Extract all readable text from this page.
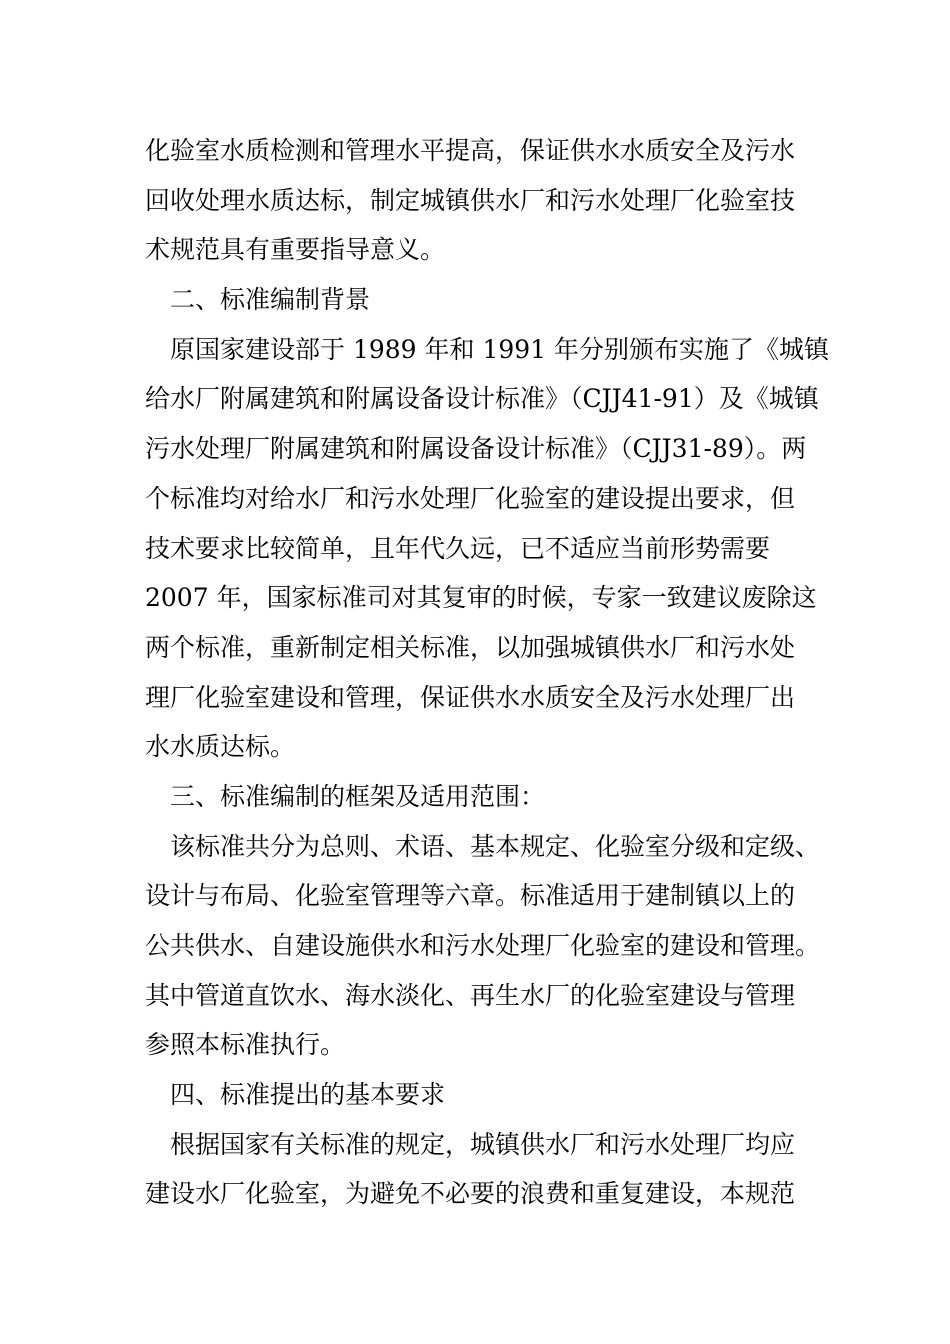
化验室水质检测和管理水平提高，保证供水水质安全及污水
回收处理水质达标，制定城镇供水厂和污水处理厂化验室技
术规范具有重要指导意义。
二、标准编制背景
原国家建设部于 1989 年和 1991 年分别颁布实施了《城镇
给水厂附属建筑和附属设备设计标准》（CJJ41-91）及《城镇
污水处理厂附属建筑和附属设备设计标准》（CJJ31-89）。两
个标准均对给水厂和污水处理厂化验室的建设提出要求，但
技术要求比较简单，且年代久远，已不适应当前形势需要
2007 年，国家标准司对其复审的时候，专家一致建议废除这
两个标准，重新制定相关标准，以加强城镇供水厂和污水处
理厂化验室建设和管理，保证供水水质安全及污水处理厂出
水水质达标。
三、标准编制的框架及适用范围：
该标准共分为总则、术语、基本规定、化验室分级和定级、
设计与布局、化验室管理等六章。标准适用于建制镇以上的
公共供水、自建设施供水和污水处理厂化验室的建设和管理。
其中管道直饮水、海水淡化、再生水厂的化验室建设与管理
参照本标准执行。
四、标准提出的基本要求
根据国家有关标准的规定，城镇供水厂和污水处理厂均应
建设水厂化验室，为避免不必要的浪费和重复建设，本规范
